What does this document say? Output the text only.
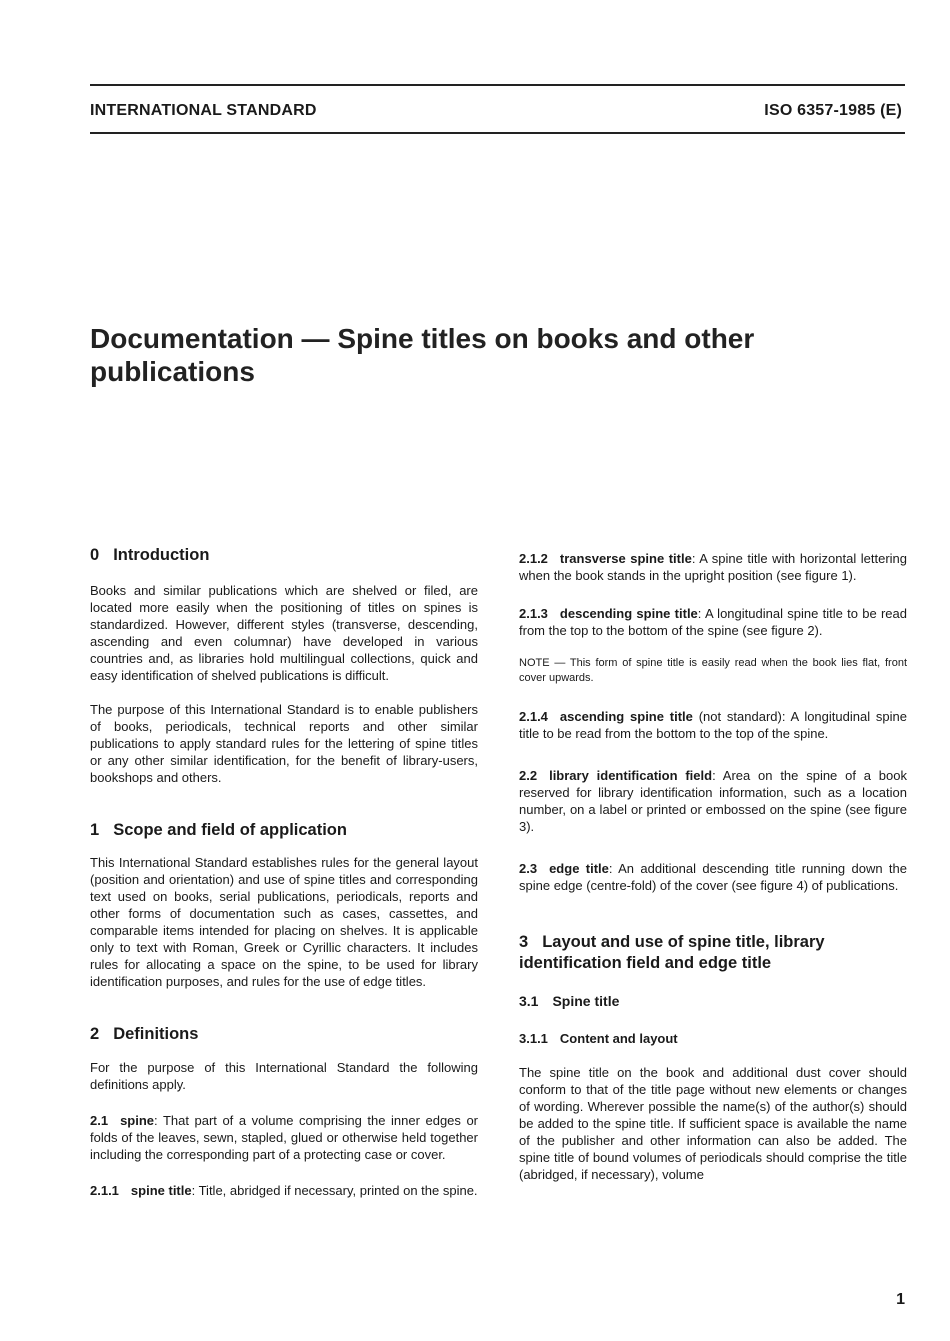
INTERNATIONAL STANDARD	ISO 6357-1985 (E)
Documentation — Spine titles on books and other publications
0 Introduction

Books and similar publications which are shelved or filed, are located more easily when the positioning of titles on spines is standardized. However, different styles (transverse, descending, ascending and even columnar) have developed in various countries and, as libraries hold multilingual collections, quick and easy identification of shelved publications is difficult.

The purpose of this International Standard is to enable publishers of books, periodicals, technical reports and other similar publications to apply standard rules for the lettering of spine titles or any other similar identification, for the benefit of library-users, bookshops and others.

1 Scope and field of application

This International Standard establishes rules for the general layout (position and orientation) and use of spine titles and corresponding text used on books, serial publications, periodicals, reports and other forms of documentation such as cases, cassettes, and comparable items intended for placing on shelves. It is applicable only to text with Roman, Greek or Cyrillic characters. It includes rules for allocating a space on the spine, to be used for library identification purposes, and rules for the use of edge titles.

2 Definitions

For the purpose of this International Standard the following definitions apply.

2.1 spine: That part of a volume comprising the inner edges or folds of the leaves, sewn, stapled, glued or otherwise held together including the corresponding part of a protecting case or cover.

2.1.1 spine title: Title, abridged if necessary, printed on the spine.

2.1.2 transverse spine title: A spine title with horizontal lettering when the book stands in the upright position (see figure 1).

2.1.3 descending spine title: A longitudinal spine title to be read from the top to the bottom of the spine (see figure 2).

NOTE — This form of spine title is easily read when the book lies flat, front cover upwards.

2.1.4 ascending spine title (not standard): A longitudinal spine title to be read from the bottom to the top of the spine.

2.2 library identification field: Area on the spine of a book reserved for library identification information, such as a location number, on a label or printed or embossed on the spine (see figure 3).

2.3 edge title: An additional descending title running down the spine edge (centre-fold) of the cover (see figure 4) of publications.

3 Layout and use of spine title, library identification field and edge title
3.1 Spine title
3.1.1 Content and layout

The spine title on the book and additional dust cover should conform to that of the title page without new elements or changes of wording. Wherever possible the name(s) of the author(s) should be added to the spine title. If sufficient space is available the name of the publisher and other information can also be added. The spine title of bound volumes of periodicals should comprise the title (abridged, if necessary), volume

1
